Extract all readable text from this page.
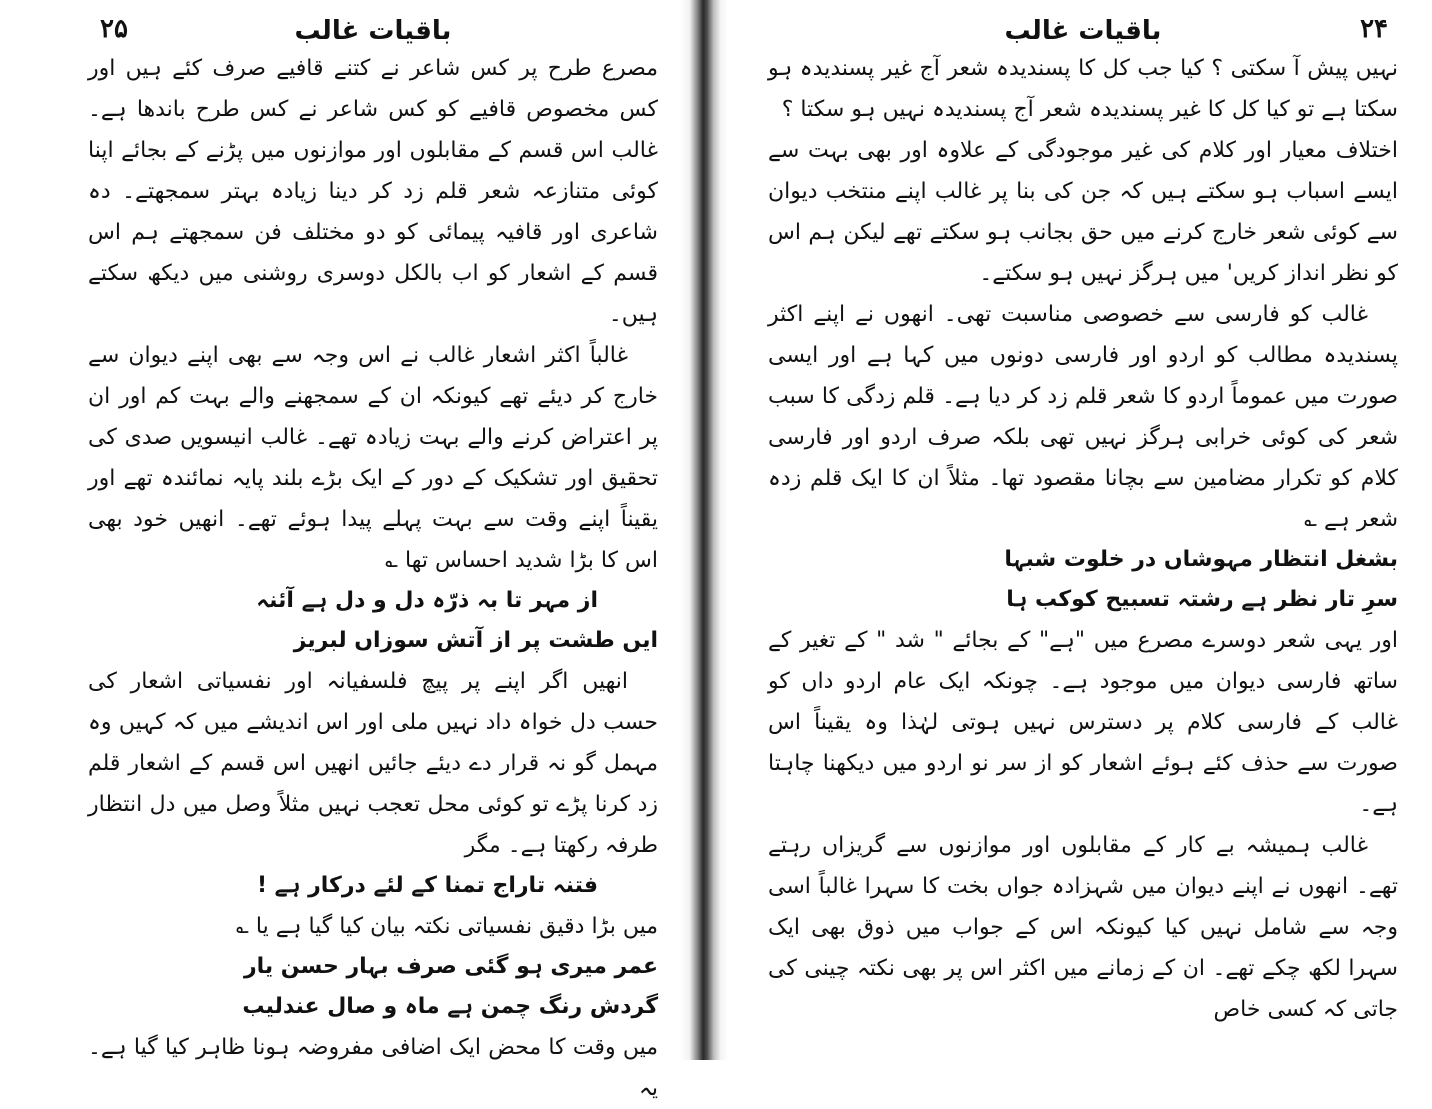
۲۵	باقیات غالب

مصرع طرح پر کس شاعر نے کتنے قافیے صرف کئے ہیں اور کس مخصوص قافیے کو کس شاعر نے کس طرح باندھا ہے۔ غالب اس قسم کے مقابلوں اور موازنوں میں پڑنے کے بجائے اپنا کوئی متنازعہ شعر قلم زد کر دینا زیادہ بہتر سمجھتے۔ دہ شاعری اور قافیہ پیمائی کو دو مختلف فن سمجھتے ہم اس قسم کے اشعار کو اب بالکل دوسری روشنی میں دیکھ سکتے ہیں۔

غالباً اکثر اشعار غالب نے اس وجہ سے بھی اپنے دیوان سے خارج کر دیئے تھے کیونکہ ان کے سمجھنے والے بہت کم اور ان پر اعتراض کرنے والے بہت زیادہ تھے۔ غالب انیسویں صدی کی تحقیق اور تشکیک کے دور کے ایک بڑے بلند پایہ نمائندہ تھے اور یقیناً اپنے وقت سے بہت پہلے پیدا ہوئے تھے۔ انھیں خود بھی اس کا بڑا شدید احساس تھا ؎

از مہر تا بہ ذرّہ دل و دل ہے آئنہ
ایں طشت پر از آتش سوزاں لبریز

انھیں اگر اپنے پر پیچ فلسفیانہ اور نفسیاتی اشعار کی حسب دل خواہ داد نہیں ملی اور اس اندیشے میں کہ کہیں وہ مہمل گو نہ قرار دے دیئے جائیں انھیں اس قسم کے اشعار قلم زد کرنا پڑے تو کوئی محل تعجب نہیں مثلاً وصل میں دل انتظار طرفہ رکھتا ہے۔ مگر

فتنہ تاراج تمنا کے لئے درکار ہے !

میں بڑا دقیق نفسیاتی نکتہ بیان کیا گیا ہے یا ؎

عمر میری ہو گئی صرف بہار حسن یار
گردش رنگ چمن ہے ماہ و صال عندلیب

میں وقت کا محض ایک اضافی مفروضہ ہونا ظاہر کیا گیا ہے۔ یہ

۲۴
باقیات غالب

نہیں پیش آ سکتی ؟ کیا جب کل کا پسندیدہ شعر آج غیر پسندیدہ ہو سکتا ہے تو کیا کل کا غیر پسندیدہ شعر آج پسندیدہ نہیں ہو سکتا ؟

اختلاف معیار اور کلام کی غیر موجودگی کے علاوہ اور بھی بہت سے ایسے اسباب ہو سکتے ہیں کہ جن کی بنا پر غالب اپنے منتخب دیوان سے کوئی شعر خارج کرنے میں حق بجانب ہو سکتے تھے لیکن ہم اس کو نظر انداز کریں' میں ہرگز نہیں ہو سکتے۔

غالب کو فارسی سے خصوصی مناسبت تھی۔ انھوں نے اپنے اکثر پسندیدہ مطالب کو اردو اور فارسی دونوں میں کہا ہے اور ایسی صورت میں عموماً اردو کا شعر قلم زد کر دیا ہے۔ قلم زدگی کا سبب شعر کی کوئی خرابی ہرگز نہیں تھی بلکہ صرف اردو اور فارسی کلام کو تکرار مضامین سے بچانا مقصود تھا۔ مثلاً ان کا ایک قلم زدہ شعر ہے ؎

بشغل انتظار مہوشاں در خلوت شبہا
سرِ تار نظر ہے رشتہ تسبیح کوکب ہا

اور یہی شعر دوسرے مصرع میں "ہے" کے بجائے " شد " کے تغیر کے ساتھ فارسی دیوان میں موجود ہے۔ چونکہ ایک عام اردو داں کو غالب کے فارسی کلام پر دسترس نہیں ہوتی لہٰذا وہ یقیناً اس صورت سے حذف کئے ہوئے اشعار کو از سر نو اردو میں دیکھنا چاہتا ہے۔

غالب ہمیشہ بے کار کے مقابلوں اور موازنوں سے گریزاں رہتے تھے۔ انھوں نے اپنے دیوان میں شہزادہ جواں بخت کا سہرا غالباً اسی وجہ سے شامل نہیں کیا کیونکہ اس کے جواب میں ذوق بھی ایک سہرا لکھ چکے تھے۔ ان کے زمانے میں اکثر اس پر بھی نکتہ چینی کی جاتی کہ کسی خاص
